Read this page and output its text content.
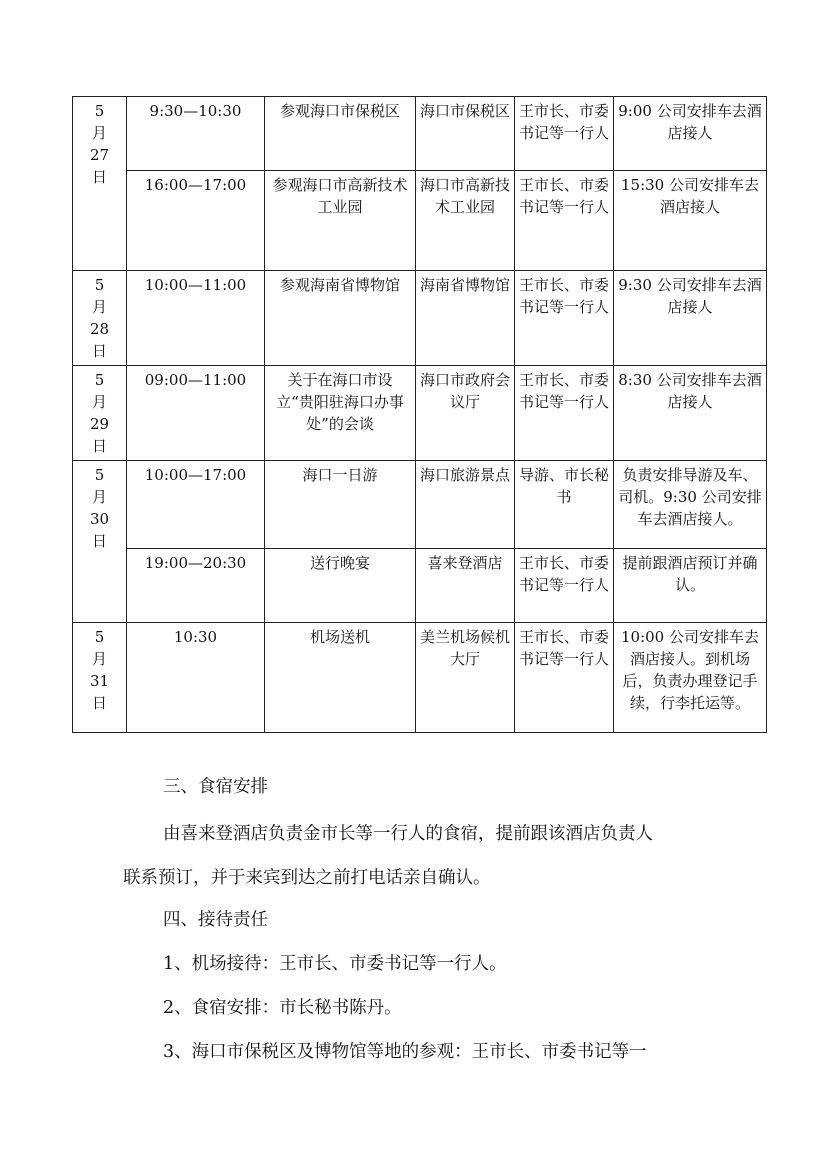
5
月
27
日	9:30—10:30	参观海口市保税区	海口市保税区	王市长、市委书记等一行人	9:00 公司安排车去酒店接人
	16:00—17:00	参观海口市高新技术工业园	海口市高新技术工业园	王市长、市委书记等一行人	15:30 公司安排车去酒店接人

5
月
28
日	10:00—11:00	参观海南省博物馆	海南省博物馆	王市长、市委书记等一行人	9:30 公司安排车去酒店接人

5
月
29
日	09:00—11:00	关于在海口市设立“贵阳驻海口办事处”的会谈	海口市政府会议厅	王市长、市委书记等一行人	8:30 公司安排车去酒店接人

5
月
30
日	10:00—17:00	海口一日游	海口旅游景点	导游、市长秘书	负责安排导游及车、司机。9:30 公司安排车去酒店接人。
	19:00—20:30	送行晚宴	喜来登酒店	王市长、市委书记等一行人	提前跟酒店预订并确认。

5
月
31
日	10:30	机场送机	美兰机场候机大厅	王市长、市委书记等一行人	10:00 公司安排车去酒店接人。到机场后，负责办理登记手续，行李托运等。
三、食宿安排
由喜来登酒店负责金市长等一行人的食宿，提前跟该酒店负责人
联系预订，并于来宾到达之前打电话亲自确认。
四、接待责任
1、机场接待：王市长、市委书记等一行人。
2、食宿安排：市长秘书陈丹。
3、海口市保税区及博物馆等地的参观：王市长、市委书记等一
